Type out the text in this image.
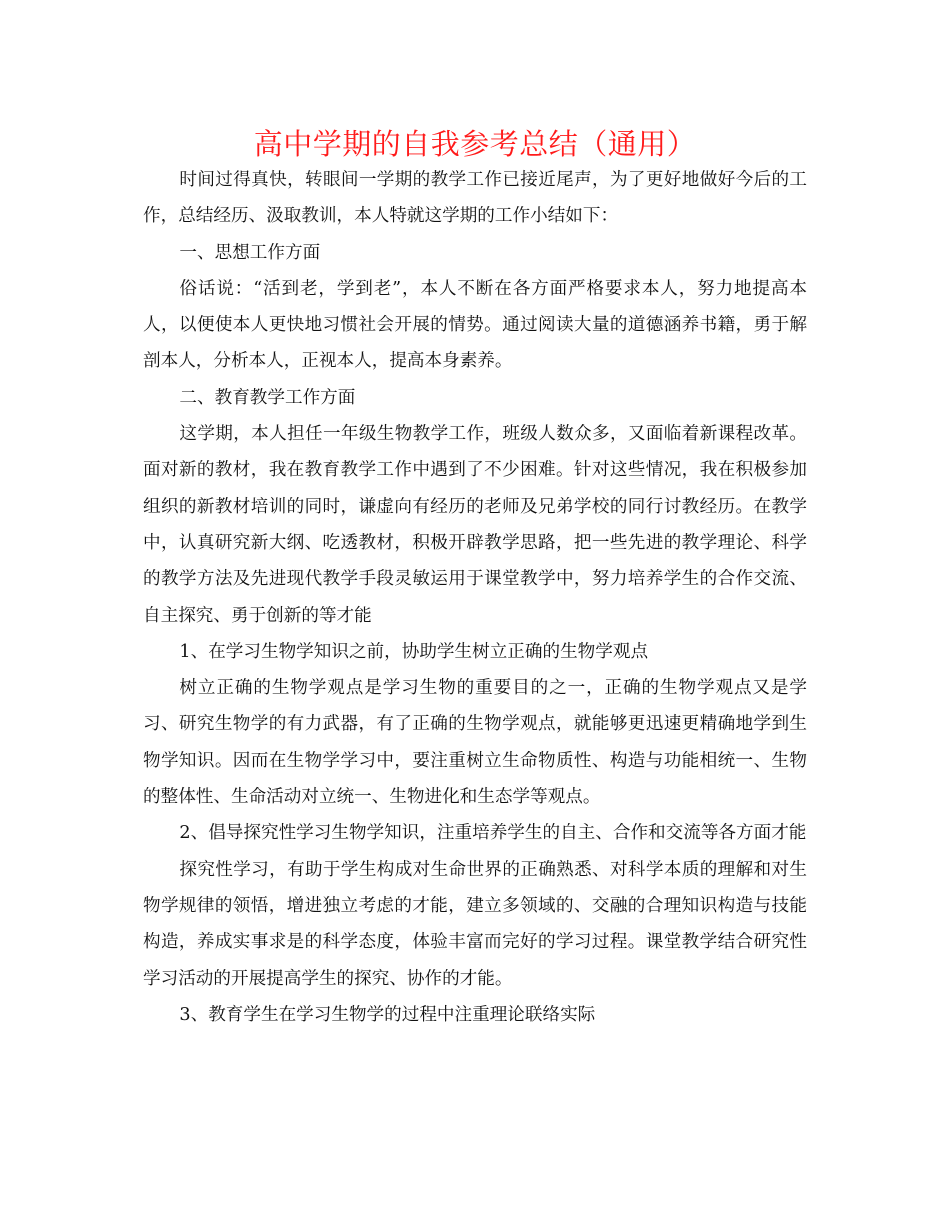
高中学期的自我参考总结（通用）

时间过得真快，转眼间一学期的教学工作已接近尾声，为了更好地做好今后的工作，总结经历、汲取教训，本人特就这学期的工作小结如下：

一、思想工作方面

俗话说：“活到老，学到老”，本人不断在各方面严格要求本人，努力地提高本人，以便使本人更快地习惯社会开展的情势。通过阅读大量的道德涵养书籍，勇于解剖本人，分析本人，正视本人，提高本身素养。

二、教育教学工作方面

这学期，本人担任一年级生物教学工作，班级人数众多，又面临着新课程改革。面对新的教材，我在教育教学工作中遇到了不少困难。针对这些情况，我在积极参加组织的新教材培训的同时，谦虚向有经历的老师及兄弟学校的同行讨教经历。在教学中，认真研究新大纲、吃透教材，积极开辟教学思路，把一些先进的教学理论、科学的教学方法及先进现代教学手段灵敏运用于课堂教学中，努力培养学生的合作交流、自主探究、勇于创新的等才能

1、在学习生物学知识之前，协助学生树立正确的生物学观点

树立正确的生物学观点是学习生物的重要目的之一，正确的生物学观点又是学习、研究生物学的有力武器，有了正确的生物学观点，就能够更迅速更精确地学到生物学知识。因而在生物学学习中，要注重树立生命物质性、构造与功能相统一、生物的整体性、生命活动对立统一、生物进化和生态学等观点。

2、倡导探究性学习生物学知识，注重培养学生的自主、合作和交流等各方面才能

探究性学习，有助于学生构成对生命世界的正确熟悉、对科学本质的理解和对生物学规律的领悟，增进独立考虑的才能，建立多领域的、交融的合理知识构造与技能构造，养成实事求是的科学态度，体验丰富而完好的学习过程。课堂教学结合研究性学习活动的开展提高学生的探究、协作的才能。

3、教育学生在学习生物学的过程中注重理论联络实际
